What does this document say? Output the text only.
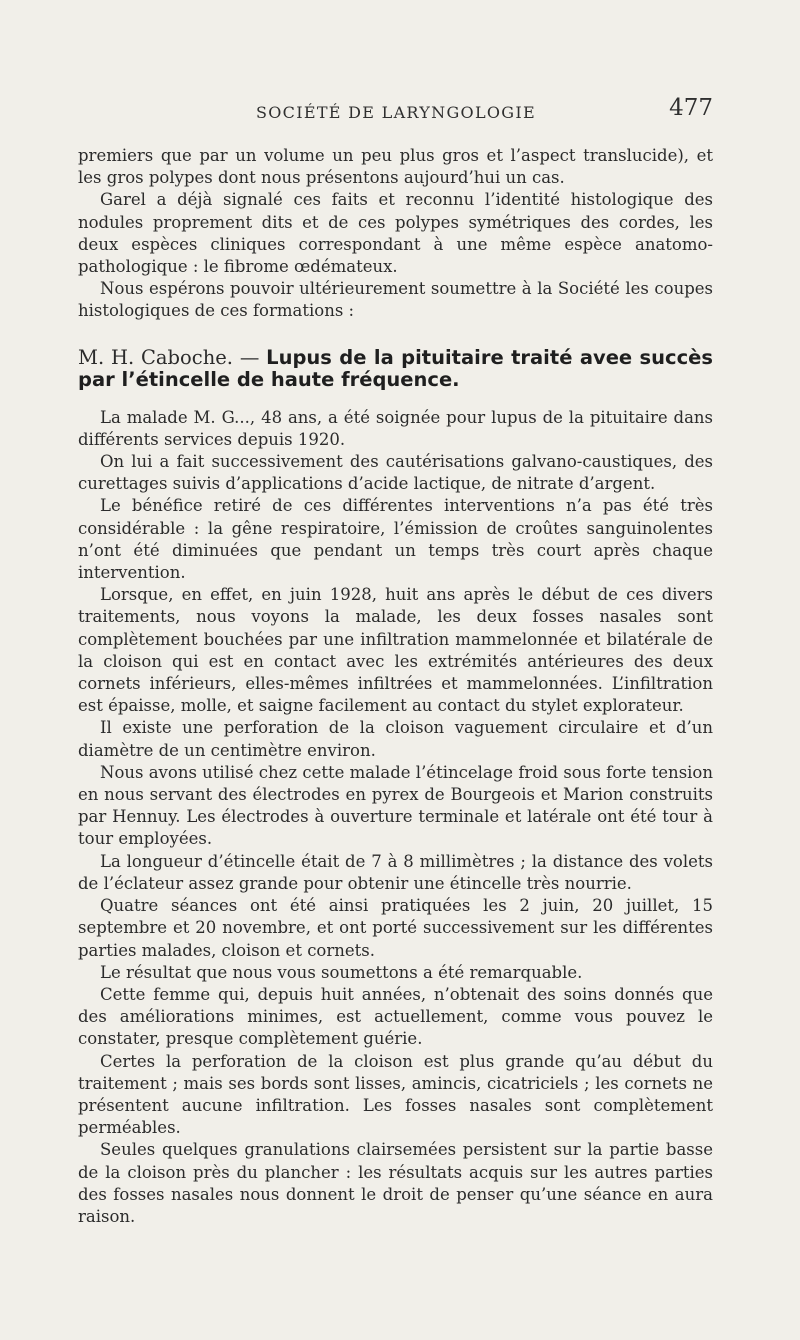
SOCIÉTÉ DE LARYNGOLOGIE	477

premiers que par un volume un peu plus gros et l’aspect translucide), et les gros polypes dont nous présentons aujourd’hui un cas.

Garel a déjà signalé ces faits et reconnu l’identité histologique des nodules proprement dits et de ces polypes symétriques des cordes, les deux espèces cliniques correspondant à une même espèce anatomo-pathologique : le fibrome œdémateux.

Nous espérons pouvoir ultérieurement soumettre à la Société les coupes histologiques de ces formations :

M. H. Caboche. — Lupus de la pituitaire traité avee succès par l’étincelle de haute fréquence.

La malade M. G..., 48 ans, a été soignée pour lupus de la pituitaire dans différents services depuis 1920.

On lui a fait successivement des cautérisations galvano-caustiques, des curettages suivis d’applications d’acide lactique, de nitrate d’argent.

Le bénéfice retiré de ces différentes interventions n’a pas été très considérable : la gêne respiratoire, l’émission de croûtes sanguinolentes n’ont été diminuées que pendant un temps très court après chaque intervention.

Lorsque, en effet, en juin 1928, huit ans après le début de ces divers traitements, nous voyons la malade, les deux fosses nasales sont complètement bouchées par une infiltration mammelonnée et bilatérale de la cloison qui est en contact avec les extrémités antérieures des deux cornets inférieurs, elles-mêmes infiltrées et mammelonnées. L’infiltration est épaisse, molle, et saigne facilement au contact du stylet explorateur.

Il existe une perforation de la cloison vaguement circulaire et d’un diamètre de un centimètre environ.

Nous avons utilisé chez cette malade l’étincelage froid sous forte tension en nous servant des électrodes en pyrex de Bourgeois et Marion construits par Hennuy. Les électrodes à ouverture terminale et latérale ont été tour à tour employées.

La longueur d’étincelle était de 7 à 8 millimètres ; la distance des volets de l’éclateur assez grande pour obtenir une étincelle très nourrie.

Quatre séances ont été ainsi pratiquées les 2 juin, 20 juillet, 15 septembre et 20 novembre, et ont porté successivement sur les différentes parties malades, cloison et cornets.

Le résultat que nous vous soumettons a été remarquable.

Cette femme qui, depuis huit années, n’obtenait des soins donnés que des améliorations minimes, est actuellement, comme vous pouvez le constater, presque complètement guérie.

Certes la perforation de la cloison est plus grande qu’au début du traitement ; mais ses bords sont lisses, amincis, cicatriciels ; les cornets ne présentent aucune infiltration. Les fosses nasales sont complètement perméables.

Seules quelques granulations clairsemées persistent sur la partie basse de la cloison près du plancher : les résultats acquis sur les autres parties des fosses nasales nous donnent le droit de penser qu’une séance en aura raison.
